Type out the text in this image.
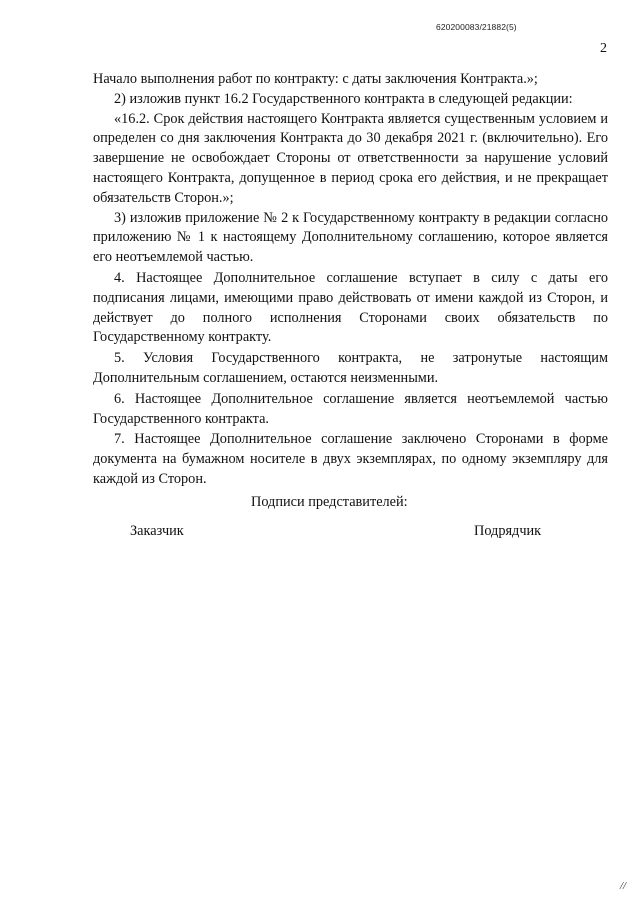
620200083/21882(5)
2

Начало выполнения работ по контракту: с даты заключения Контракта.»;

2) изложив пункт 16.2 Государственного контракта в следующей редакции:

«16.2. Срок действия настоящего Контракта является существенным условием и определен со дня заключения Контракта до 30 декабря 2021 г. (включительно). Его завершение не освобождает Стороны от ответственности за нарушение условий настоящего Контракта, допущенное в период срока его действия, и не прекращает обязательств Сторон.»;

3) изложив приложение № 2 к Государственному контракту в редакции согласно приложению № 1 к настоящему Дополнительному соглашению, которое является его неотъемлемой частью.

4. Настоящее Дополнительное соглашение вступает в силу с даты его подписания лицами, имеющими право действовать от имени каждой из Сторон, и действует до полного исполнения Сторонами своих обязательств по Государственному контракту.

5. Условия Государственного контракта, не затронутые настоящим Дополнительным соглашением, остаются неизменными.

6. Настоящее Дополнительное соглашение является неотъемлемой частью Государственного контракта.

7. Настоящее Дополнительное соглашение заключено Сторонами в форме документа на бумажном носителе в двух экземплярах, по одному экземпляру для каждой из Сторон.

Подписи представителей:
Заказчик	Подрядчик
//
